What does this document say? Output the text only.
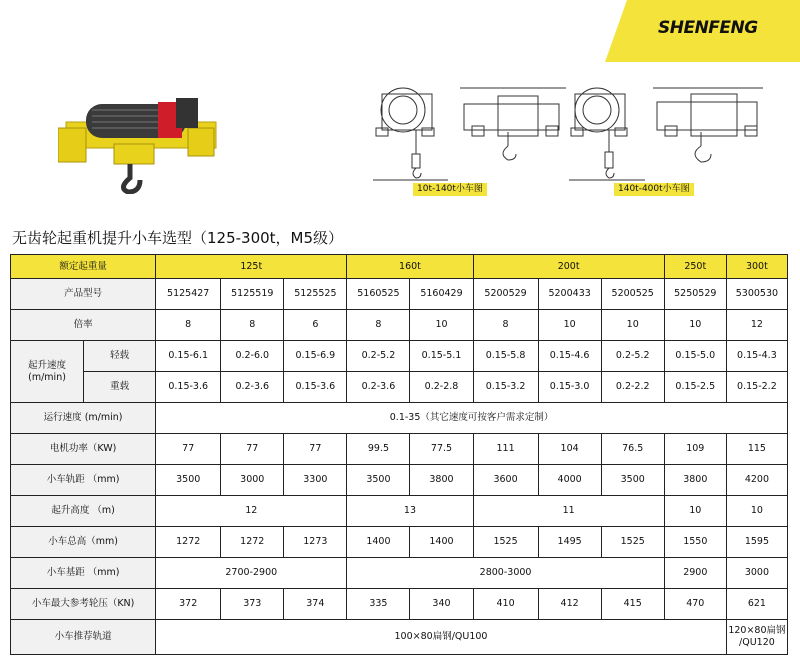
SHENFENG
10t-140t小车图	140t-400t小车图
无齿轮起重机提升小车选型（125-300t，M5级）
额定起重量		125t			160t		200t			250t	300t
产品型号		5125427	5125519	5125525	5160525	5160429	5200529	5200433	5200525	5250529	5300530
倍率		8	8	6	8	10	8	10	10	10	12
起升速度
(m/min)	轻载	0.15-6.1	0.2-6.0	0.15-6.9	0.2-5.2	0.15-5.1	0.15-5.8	0.15-4.6	0.2-5.2	0.15-5.0	0.15-4.3
	重载	0.15-3.6	0.2-3.6	0.15-3.6	0.2-3.6	0.2-2.8	0.15-3.2	0.15-3.0	0.2-2.2	0.15-2.5	0.15-2.2
运行速度 (m/min)		0.1-35（其它速度可按客户需求定制）									
电机功率（KW)		77	77	77	99.5	77.5	111	104	76.5	109	115
小车轨距 （mm)		3500	3000	3300	3500	3800	3600	4000	3500	3800	4200
起升高度 （m)		12			13		11			10	10
小车总高（mm)		1272	1272	1273	1400	1400	1525	1495	1525	1550	1595
小车基距 （mm)		2700-2900			2800-3000					2900	3000
小车最大参考轮压（KN)		372	373	374	335	340	410	412	415	470	621
小车推荐轨道		100×80扁钢/QU100									120×80扁钢
/QU120
